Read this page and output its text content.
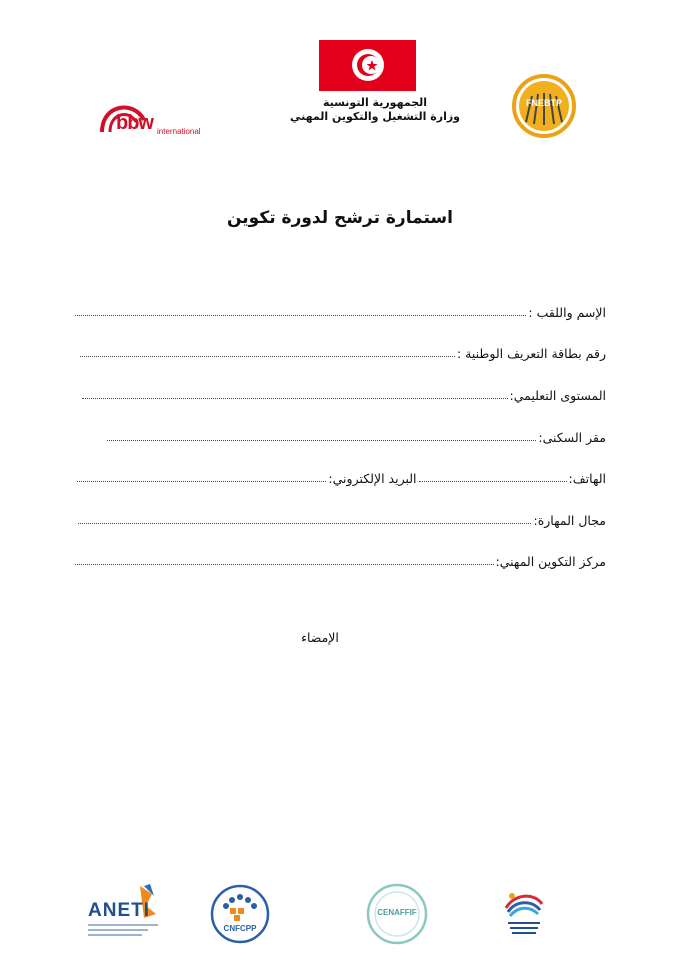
الجمهورية التونسية
وزارة التشغيل والتكوين المهني
bbw international
FNEBTP
استمارة ترشح لدورة تكوين
الإسم واللقب :
رقم بطاقة التعريف الوطنية :
المستوى التعليمي:
مقر السكنى:
الهاتف:
البريد الإلكتروني:
مجال المهارة:
مركز التكوين المهني:
الإمضاء
ANETI
CNFCPP
CENAFFIF
